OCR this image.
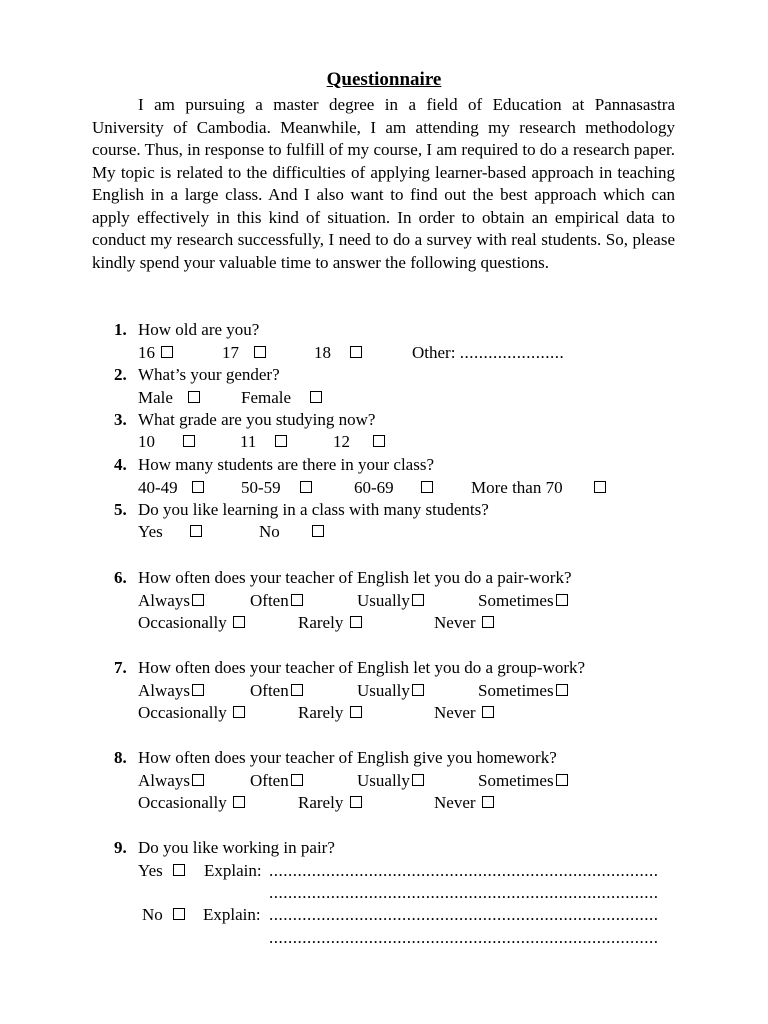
Questionnaire

I am pursuing a master degree in a field of Education at Pannasastra University of Cambodia. Meanwhile, I am attending my research methodology course. Thus, in response to fulfill of my course, I am required to do a research paper. My topic is related to the difficulties of applying learner-based approach in teaching English in a large class. And I also want to find out the best approach which can apply effectively in this kind of situation. In order to obtain an empirical data to conduct my research successfully, I need to do a survey with real students. So, please kindly spend your valuable time to answer the following questions.

1. How old are you?
16	17	18	Other: ......................
2. What’s your gender?
Male	Female
3. What grade are you studying now?
10	11	12
4. How many students are there in your class?
40-49	50-59	60-69	More than 70
5. Do you like learning in a class with many students?
Yes	No
6. How often does your teacher of English let you do a pair-work?
Always	Often	Usually	Sometimes
Occasionally	Rarely	Never
7. How often does your teacher of English let you do a group-work?
Always	Often	Usually	Sometimes
Occasionally	Rarely	Never
8. How often does your teacher of English give you homework?
Always	Often	Usually	Sometimes
Occasionally	Rarely	Never
9. Do you like working in pair?
Yes	Explain: ..................................................................................
..................................................................................
No	Explain: ..................................................................................
..................................................................................
